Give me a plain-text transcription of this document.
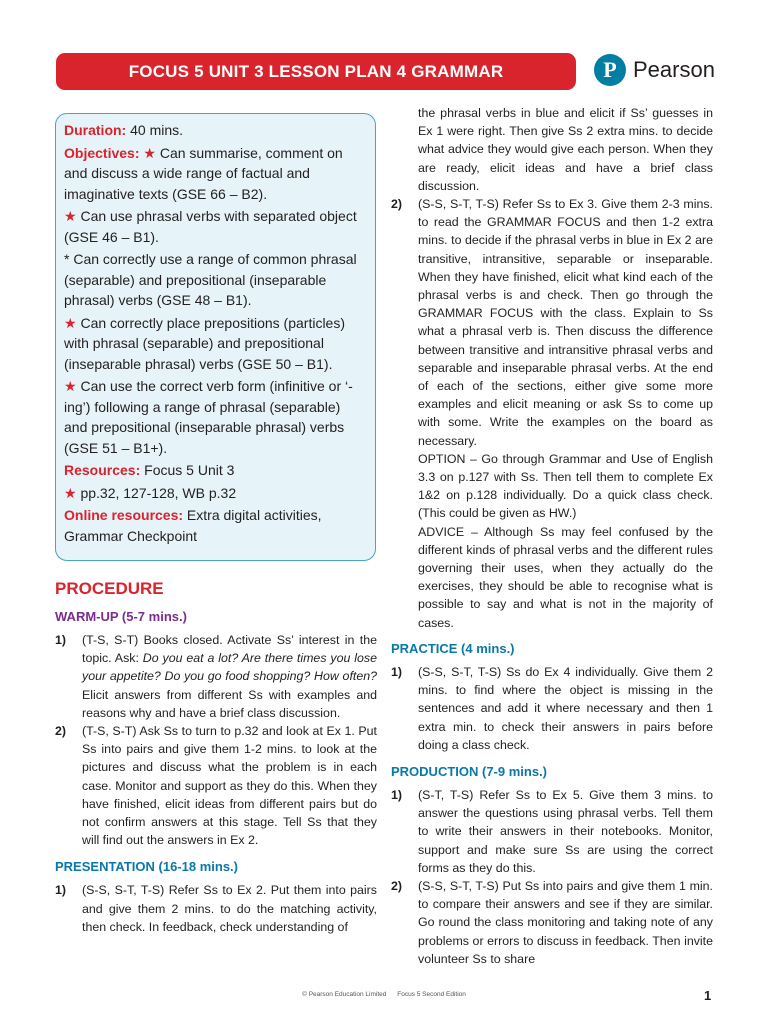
FOCUS 5 UNIT 3 LESSON PLAN 4 GRAMMAR	P Pearson

Duration: 40 mins.

Objectives: ★ Can summarise, comment on and discuss a wide range of factual and imaginative texts (GSE 66 – B2).

★ Can use phrasal verbs with separated object (GSE 46 – B1).

* Can correctly use a range of common phrasal (separable) and prepositional (inseparable phrasal) verbs (GSE 48 – B1).

★ Can correctly place prepositions (particles) with phrasal (separable) and prepositional (inseparable phrasal) verbs (GSE 50 – B1).

★ Can use the correct verb form (infinitive or ‘-ing’) following a range of phrasal (separable) and prepositional (inseparable phrasal) verbs (GSE 51 – B1+).

Resources: Focus 5 Unit 3

★ pp.32, 127-128, WB p.32

Online resources: Extra digital activities, Grammar Checkpoint

PROCEDURE
WARM-UP (5-7 mins.)
1)	(T-S, S-T) Books closed. Activate Ss’ interest in the topic. Ask: Do you eat a lot? Are there times you lose your appetite? Do you go food shopping? How often? Elicit answers from different Ss with examples and reasons why and have a brief class discussion.
2)	(T-S, S-T) Ask Ss to turn to p.32 and look at Ex 1. Put Ss into pairs and give them 1-2 mins. to look at the pictures and discuss what the problem is in each case. Monitor and support as they do this. When they have finished, elicit ideas from different pairs but do not confirm answers at this stage. Tell Ss that they will find out the answers in Ex 2.
PRESENTATION (16-18 mins.)
1)	(S-S, S-T, T-S) Refer Ss to Ex 2. Put them into pairs and give them 2 mins. to do the matching activity, then check. In feedback, check understanding of
the phrasal verbs in blue and elicit if Ss’ guesses in Ex 1 were right. Then give Ss 2 extra mins. to decide what advice they would give each person. When they are ready, elicit ideas and have a brief class discussion.
2)	(S-S, S-T, T-S) Refer Ss to Ex 3. Give them 2-3 mins. to read the GRAMMAR FOCUS and then 1-2 extra mins. to decide if the phrasal verbs in blue in Ex 2 are transitive, intransitive, separable or inseparable. When they have finished, elicit what kind each of the phrasal verbs is and check. Then go through the GRAMMAR FOCUS with the class. Explain to Ss what a phrasal verb is. Then discuss the difference between transitive and intransitive phrasal verbs and separable and inseparable phrasal verbs. At the end of each of the sections, either give some more examples and elicit meaning or ask Ss to come up with some. Write the examples on the board as necessary.
OPTION – Go through Grammar and Use of English 3.3 on p.127 with Ss. Then tell them to complete Ex 1&2 on p.128 individually. Do a quick class check. (This could be given as HW.)
ADVICE – Although Ss may feel confused by the different kinds of phrasal verbs and the different rules governing their uses, when they actually do the exercises, they should be able to recognise what is possible to say and what is not in the majority of cases.
PRACTICE (4 mins.)
1)	(S-S, S-T, T-S) Ss do Ex 4 individually. Give them 2 mins. to find where the object is missing in the sentences and add it where necessary and then 1 extra min. to check their answers in pairs before doing a class check.
PRODUCTION (7-9 mins.)
1)	(S-T, T-S) Refer Ss to Ex 5. Give them 3 mins. to answer the questions using phrasal verbs. Tell them to write their answers in their notebooks. Monitor, support and make sure Ss are using the correct forms as they do this.
2)	(S-S, S-T, T-S) Put Ss into pairs and give them 1 min. to compare their answers and see if they are similar. Go round the class monitoring and taking note of any problems or errors to discuss in feedback. Then invite volunteer Ss to share
© Pearson Education Limited Focus 5 Second Edition	1
